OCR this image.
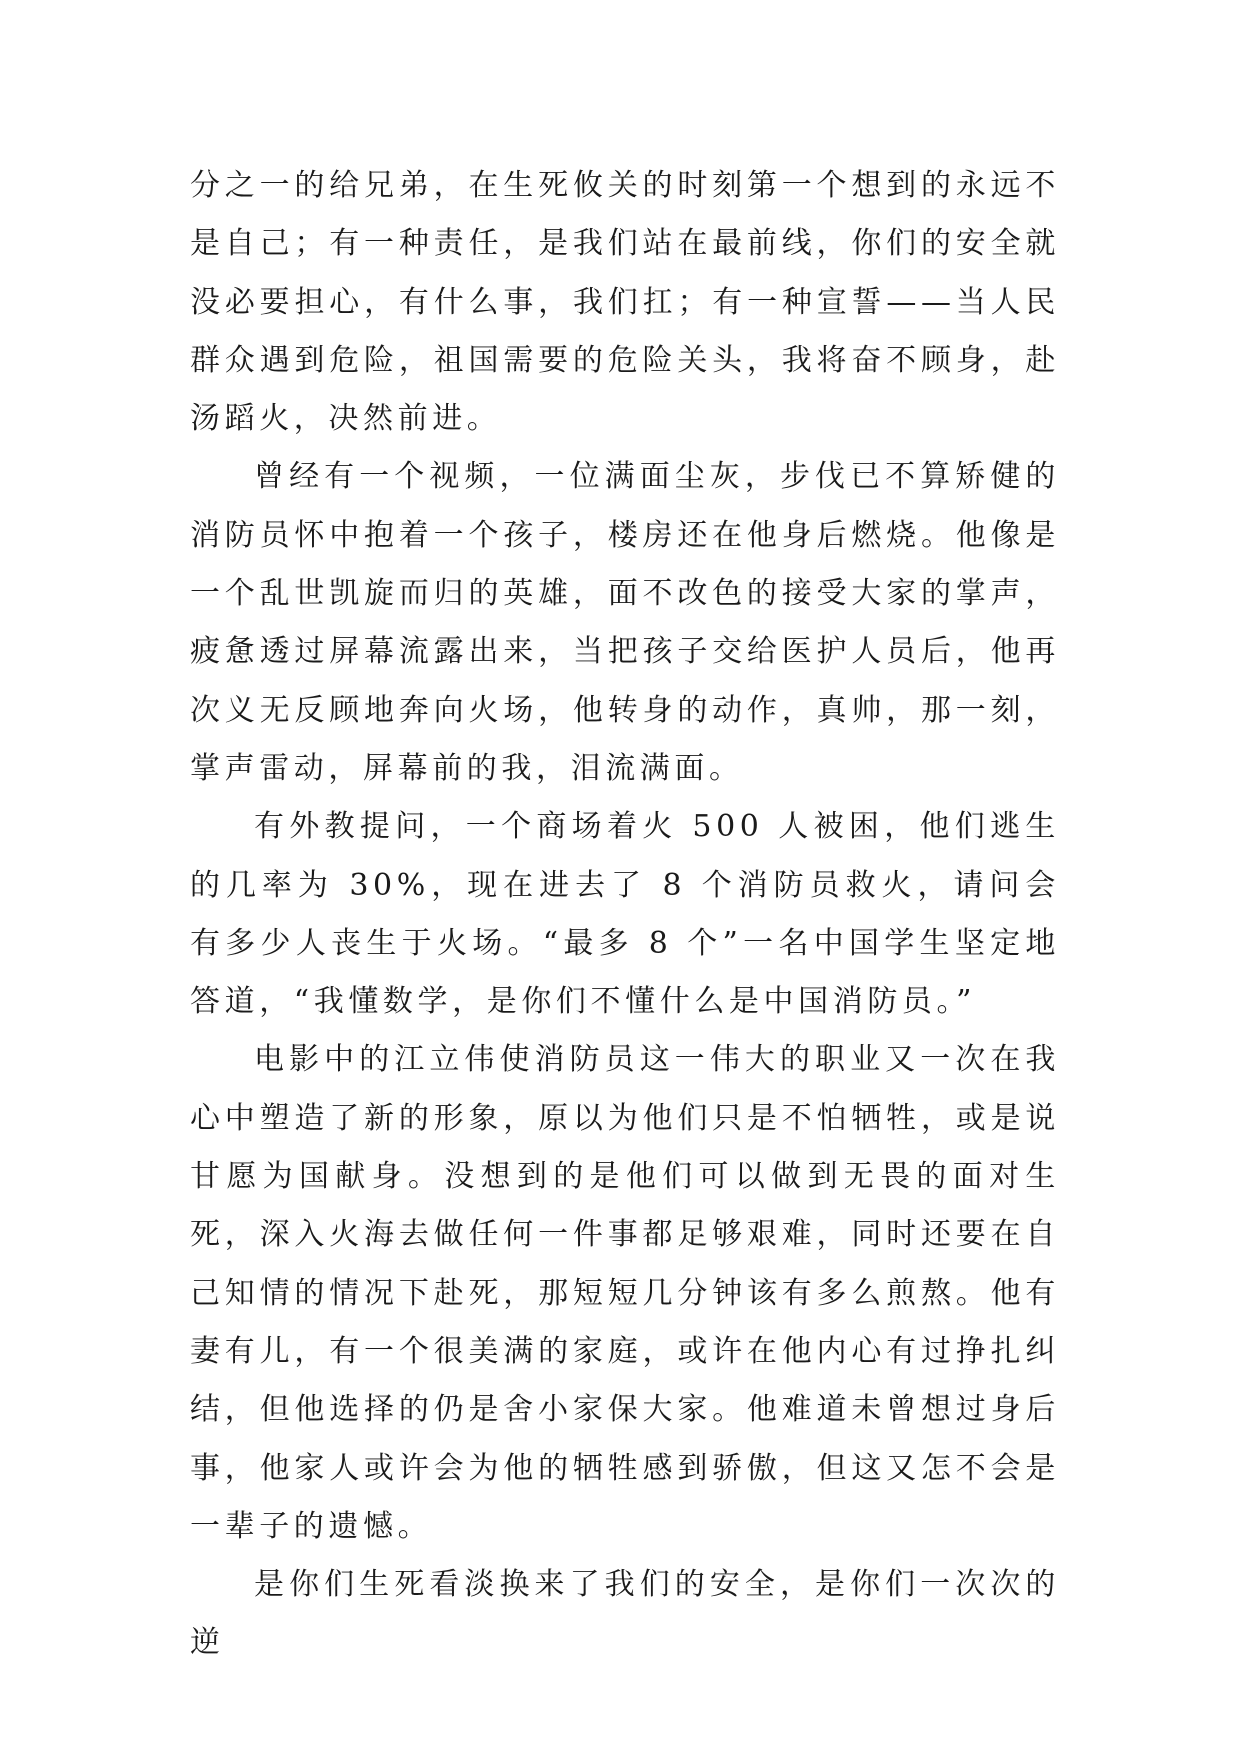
分之一的给兄弟，在生死攸关的时刻第一个想到的永远不是自己；有一种责任，是我们站在最前线，你们的安全就没必要担心，有什么事，我们扛；有一种宣誓——当人民群众遇到危险，祖国需要的危险关头，我将奋不顾身，赴汤蹈火，决然前进。

曾经有一个视频，一位满面尘灰，步伐已不算矫健的消防员怀中抱着一个孩子，楼房还在他身后燃烧。他像是一个乱世凯旋而归的英雄，面不改色的接受大家的掌声，疲惫透过屏幕流露出来，当把孩子交给医护人员后，他再次义无反顾地奔向火场，他转身的动作，真帅，那一刻，掌声雷动，屏幕前的我，泪流满面。

有外教提问，一个商场着火 500 人被困，他们逃生的几率为 30%，现在进去了 8 个消防员救火，请问会有多少人丧生于火场。“最多 8 个”一名中国学生坚定地答道，“我懂数学，是你们不懂什么是中国消防员。”

电影中的江立伟使消防员这一伟大的职业又一次在我心中塑造了新的形象，原以为他们只是不怕牺牲，或是说甘愿为国献身。没想到的是他们可以做到无畏的面对生死，深入火海去做任何一件事都足够艰难，同时还要在自己知情的情况下赴死，那短短几分钟该有多么煎熬。他有妻有儿，有一个很美满的家庭，或许在他内心有过挣扎纠结，但他选择的仍是舍小家保大家。他难道未曾想过身后事，他家人或许会为他的牺牲感到骄傲，但这又怎不会是一辈子的遗憾。

是你们生死看淡换来了我们的安全，是你们一次次的逆
